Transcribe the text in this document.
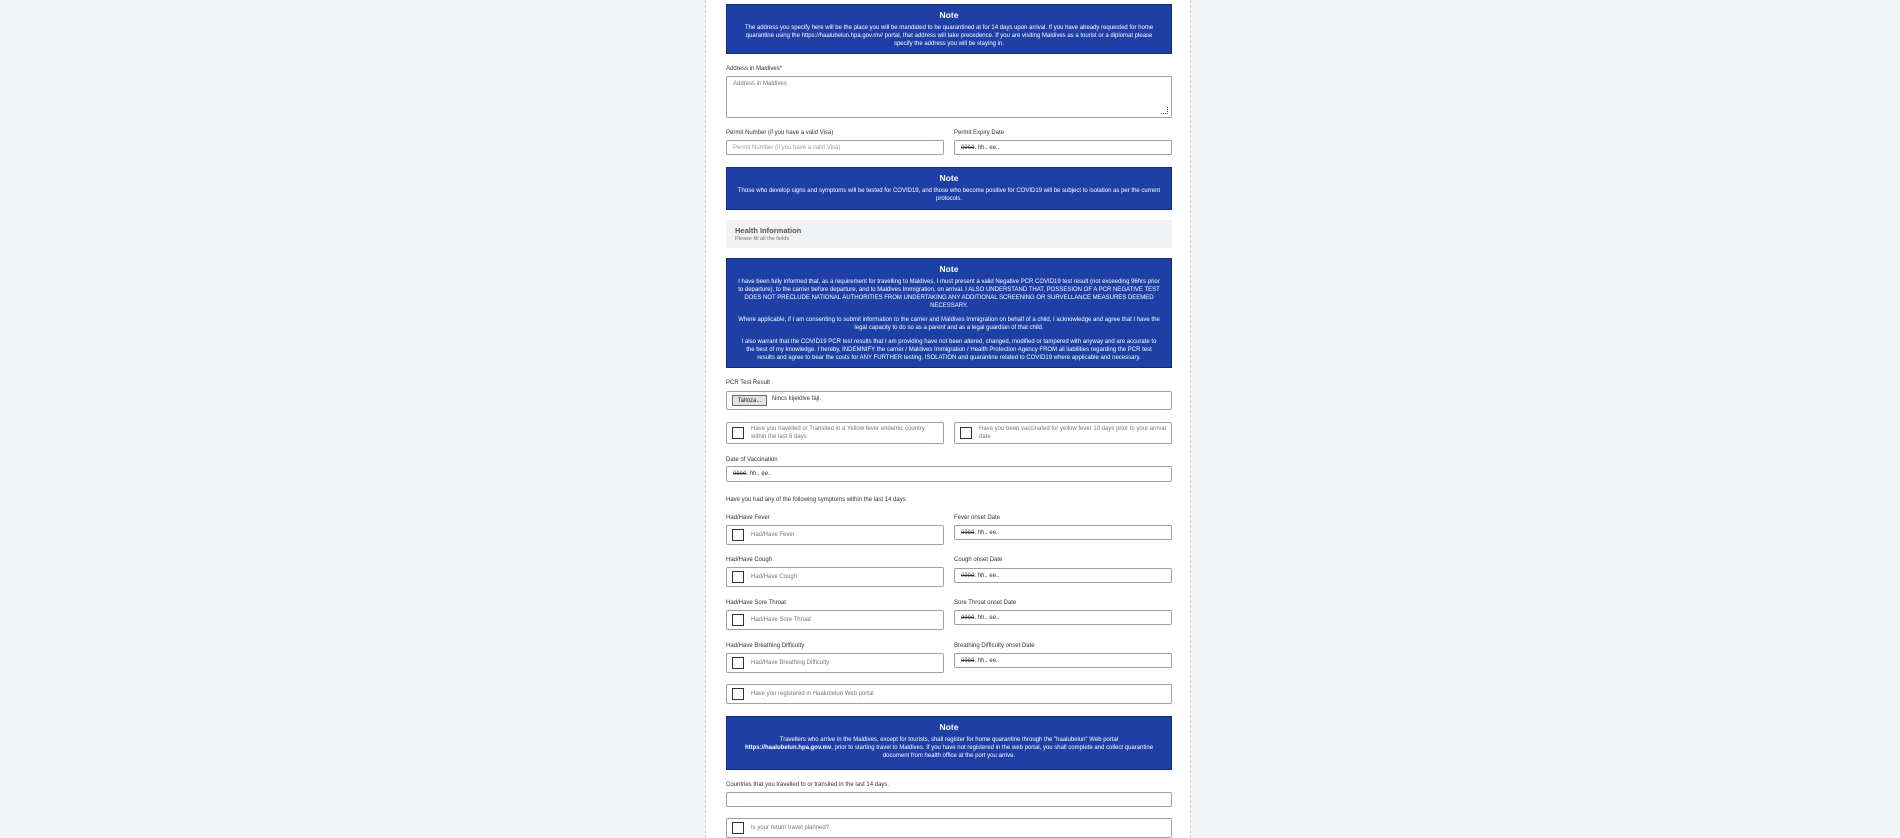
Note
The address you specify here will be the place you will be mandated to be quarantined at for 14 days upon arrival. If you have already requested for home quarantine using the https://haalubelun.hpa.gov.mv/ portal, that address will take precedence. If you are visiting Maldives as a tourist or a diplomat please specify the address you will be staying in.
Address in Maldives*
Address in Maldives
Permit Number (if you have a valid Visa)
Permit Number (if you have a valid Visa)
Permit Expiry Date
ëëëë . hh.. ee..
Note
Those who develop signs and symptoms will be tested for COVID19, and those who become positive for COVID19 will be subject to isolation as per the current protocols.
Health Information
Please fill all the fields
Note

I have been fully informed that, as a requirement for travelling to Maldives, I must present a valid Negative PCR COVID19 test result (not exceeding 96hrs prior to departure), to the carrier before departure, and to Maldives Immigration, on arrival. I ALSO UNDERSTAND THAT, POSSESION OF A PCR NEGATIVE TEST DOES NOT PRECLUDE NATIONAL AUTHORITIES FROM UNDERTAKING ANY ADDITIONAL SCREENING OR SURVELLANCE MEASURES DEEMED NECESSARY.

Where applicable, if I am consenting to submit information to the carrier and Maldives Immigration on behalf of a child, I acknowledge and agree that I have the legal capacity to do so as a parent and as a legal guardian of that child.

I also warrant that the COVID19 PCR test results that I am providing have not been altered, changed, modified or tampered with anyway and are accurate to the best of my knowledge. I hereby, INDEMNIFY the carrier / Maldives Immigration / Health Protection Agency FROM all liabilities regarding the PCR test results and agree to bear the costs for ANY FURTHER testing, ISOLATION and quarantine related to COVID19 where applicable and necessary.

PCR Test Result
Tallóza...	Nincs kijelölve fájl.
Have you travelled or Transited in a Yellow fever endemic country within the last 6 days
Have you been vaccinated for yellow fever 10 days prior to your arrival date
Date of Vaccination
ëëëë . hh.. ee..
Have you had any of the following symptoms within the last 14 days
Had/Have Fever
Had/Have Fever
Fever onset Date
ëëëë . hh.. ee..
Had/Have Cough
Had/Have Cough
Cough onset Date
ëëëë . hh.. ee..
Had/Have Sore Throat
Had/Have Sore Throat
Sore Throat onset Date
ëëëë . hh.. ee..
Had/Have Breathing Difficulty
Had/Have Breathing Difficulty
Breathing Difficulty onset Date
ëëëë . hh.. ee..
Have you registered in Haalubelun Web portal
Note
Travellers who arrive in the Maldives, except for tourists, shall register for home quarantine through the "haalubelun" Web portal https://haalubelun.hpa.gov.mv, prior to starting travel to Maldives. If you have not registered in the web portal, you shall complete and collect quarantine document from health office at the port you arrive.
Countries that you travelled to or transited in the last 14 days.
Is your return travel planned?
